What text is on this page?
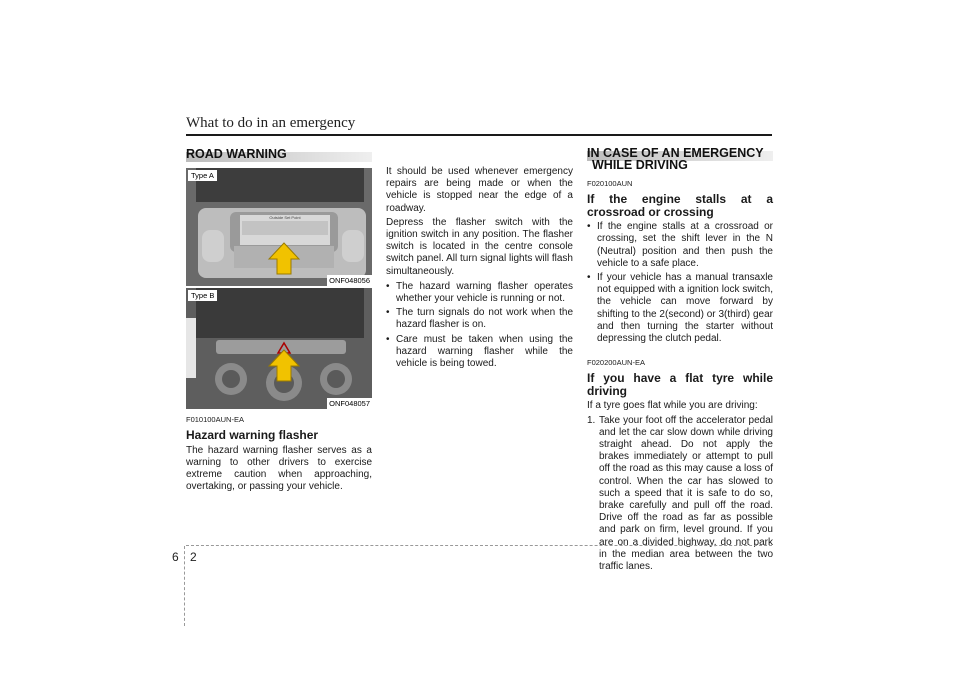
What to do in an emergency
ROAD WARNING
Type A
Outside Set Point
ONF048056
Type B
ONF048057
F010100AUN-EA
Hazard warning flasher

The hazard warning flasher serves as a warning to other drivers to exercise extreme caution when approaching, overtaking, or passing your vehicle.

It should be used whenever emergency repairs are being made or when the vehicle is stopped near the edge of a roadway.

Depress the flasher switch with the ignition switch in any position. The flasher switch is located in the centre console switch panel. All turn signal lights will flash simultaneously.

• The hazard warning flasher operates whether your vehicle is running or not.
• The turn signals do not work when the hazard flasher is on.
• Care must be taken when using the hazard warning flasher while the vehicle is being towed.
IN CASE OF AN EMERGENCY
WHILE DRIVING
F020100AUN
If the engine stalls at a crossroad or crossing
• If the engine stalls at a crossroad or crossing, set the shift lever in the N (Neutral) position and then push the vehicle to a safe place.
• If your vehicle has a manual transaxle not equipped with a ignition lock switch, the vehicle can move forward by shifting to the 2(second) or 3(third) gear and then turning the starter without depressing the clutch pedal.
F020200AUN-EA
If you have a flat tyre while driving

If a tyre goes flat while you are driving:

1. Take your foot off the accelerator pedal and let the car slow down while driving straight ahead. Do not apply the brakes immediately or attempt to pull off the road as this may cause a loss of control. When the car has slowed to such a speed that it is safe to do so, brake carefully and pull off the road. Drive off the road as far as possible and park on firm, level ground. If you are on a divided highway, do not park in the median area between the two traffic lanes.
6 2
